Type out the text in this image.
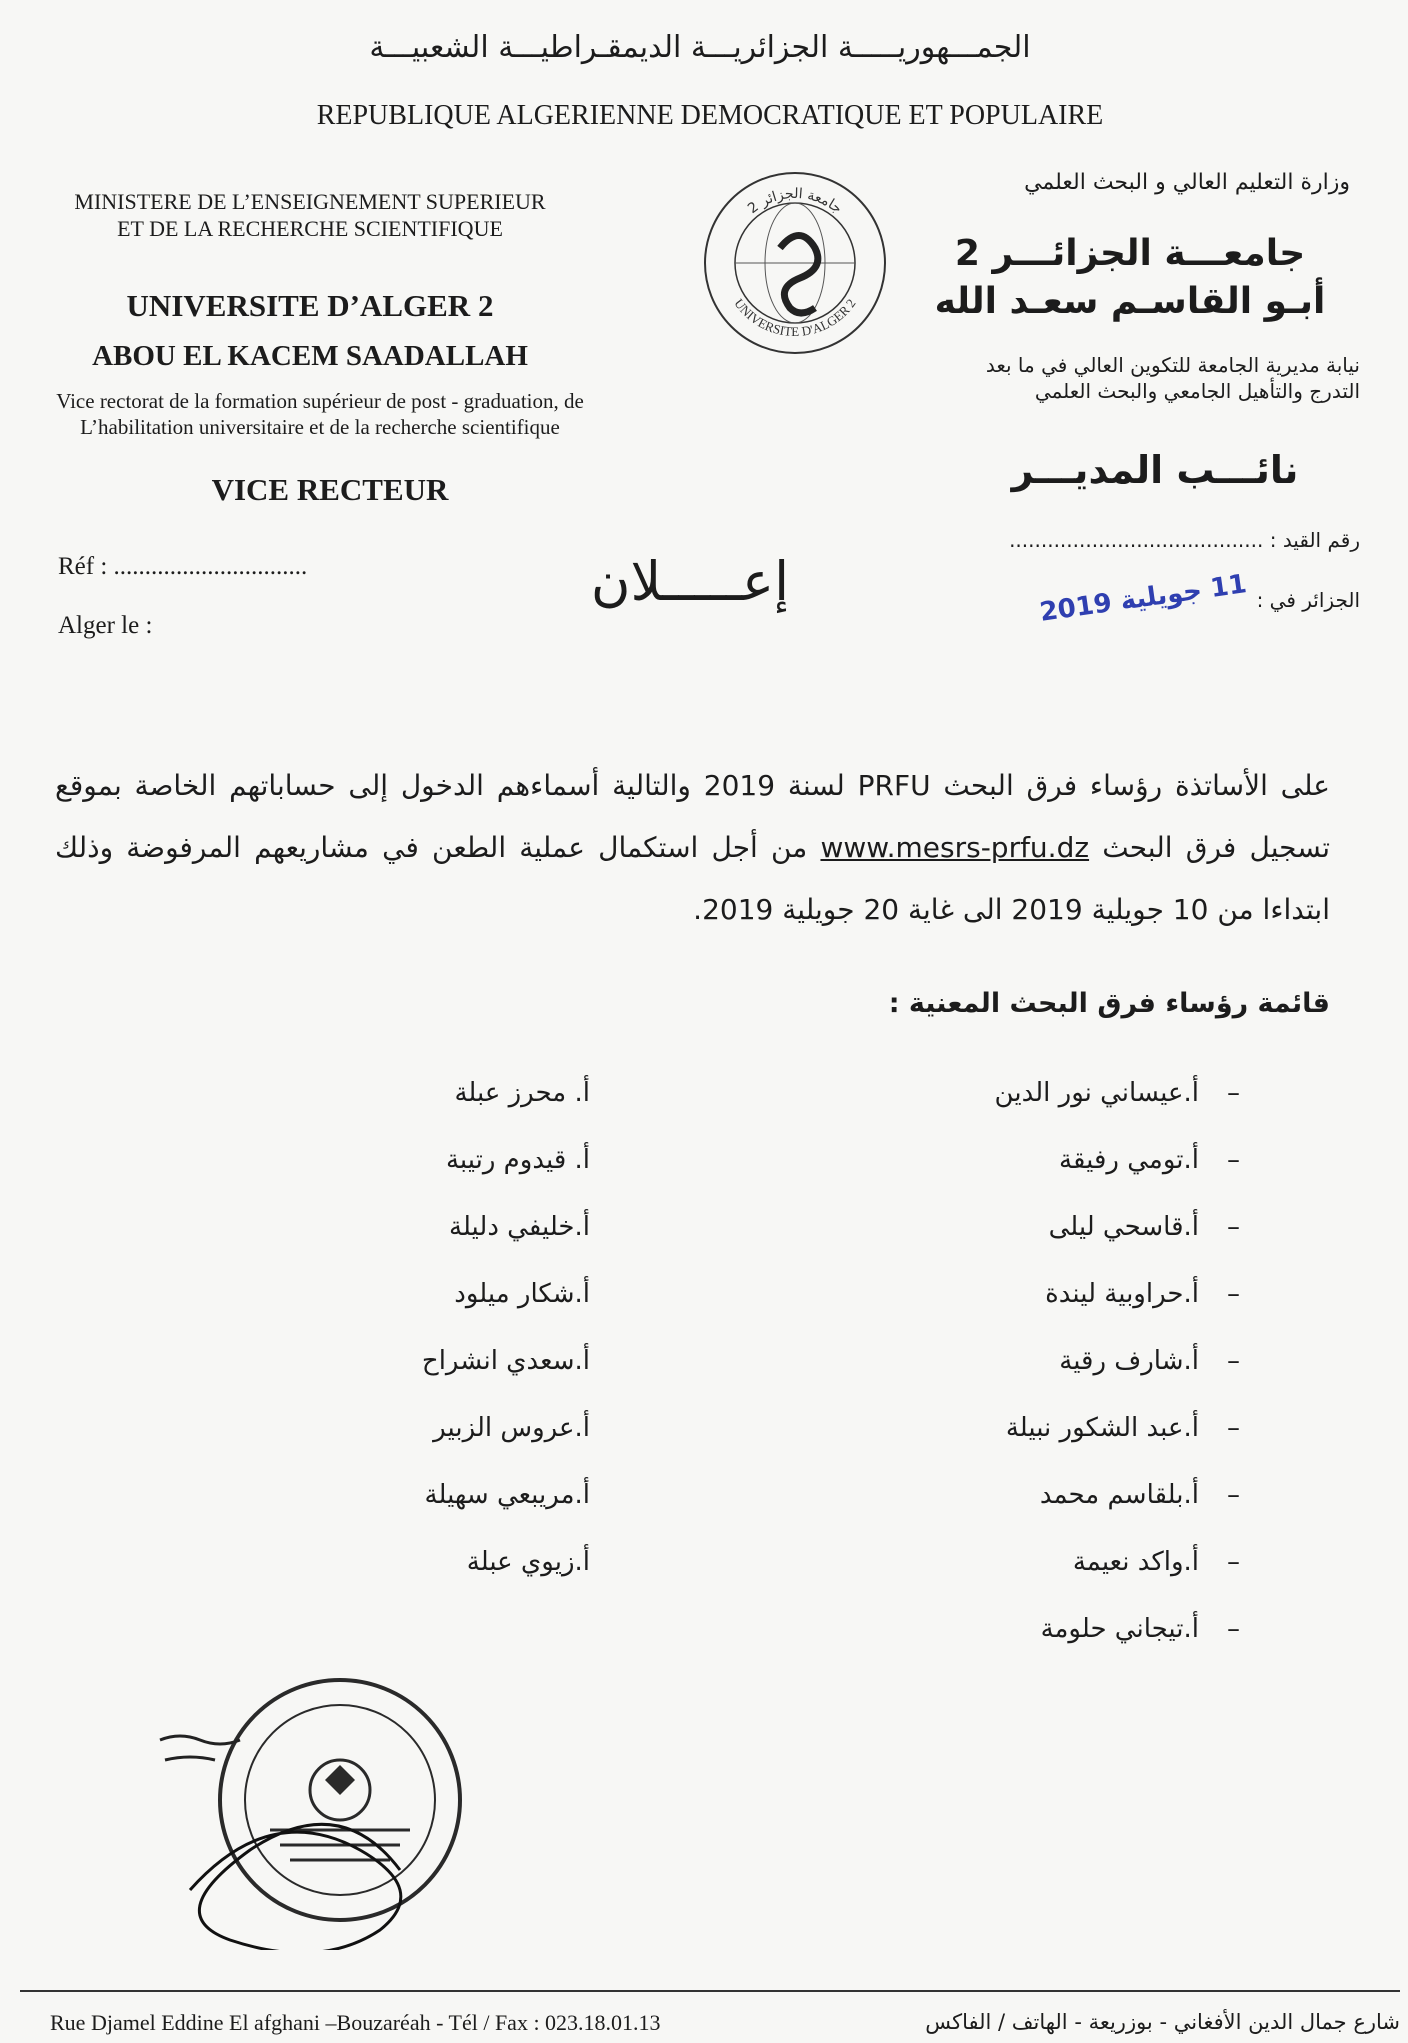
الجمـــهوريـــــة الجزائريـــة الديمقـراطيـــة الشعبيـــة
REPUBLIQUE ALGERIENNE DEMOCRATIQUE ET POPULAIRE
MINISTERE DE L’ENSEIGNEMENT SUPERIEUR
ET DE LA RECHERCHE SCIENTIFIQUE
UNIVERSITE D’ALGER 2
ABOU EL KACEM SAADALLAH
Vice rectorat de la formation supérieur de post - graduation, de
L’habilitation universitaire et de la recherche scientifique
VICE RECTEUR
وزارة التعليم العالي و البحث العلمي
جامعـــة الجزائـــر 2
أبـو القاسـم سعـد الله
نيابة مديرية الجامعة للتكوين العالي في ما بعد
التدرج والتأهيل الجامعي والبحث العلمي
نائـــب المديـــر
جامعة الجزائر 2
UNIVERSITE D'ALGER 2
Réf : ...............................
Alger le :
إعـــــلان
رقم القيد : ........................................
الجزائر في :
11 جويلية 2019
على الأساتذة رؤساء فرق البحث PRFU لسنة 2019 والتالية أسماءهم الدخول إلى حساباتهم الخاصة بموقع تسجيل فرق البحث www.mesrs-prfu.dz من أجل استكمال عملية الطعن في مشاريعهم المرفوضة وذلك ابتداءا من 10 جويلية 2019 الى غاية 20 جويلية 2019.
قائمة رؤساء فرق البحث المعنية :
–أ.عيساني نور الدين
–أ.تومي رفيقة
–أ.قاسحي ليلى
–أ.حراوبية ليندة
–أ.شارف رقية
–أ.عبد الشكور نبيلة
–أ.بلقاسم محمد
–أ.واكد نعيمة
–أ.تيجاني حلومة
أ. محرز عبلة
أ. قيدوم رتيبة
أ.خليفي دليلة
أ.شكار ميلود
أ.سعدي انشراح
أ.عروس الزبير
أ.مريبعي سهيلة
أ.زيوي عبلة
Rue Djamel Eddine El afghani –Bouzaréah - Tél / Fax : 023.18.01.13	شارع جمال الدين الأفغاني - بوزريعة - الهاتف / الفاكس
